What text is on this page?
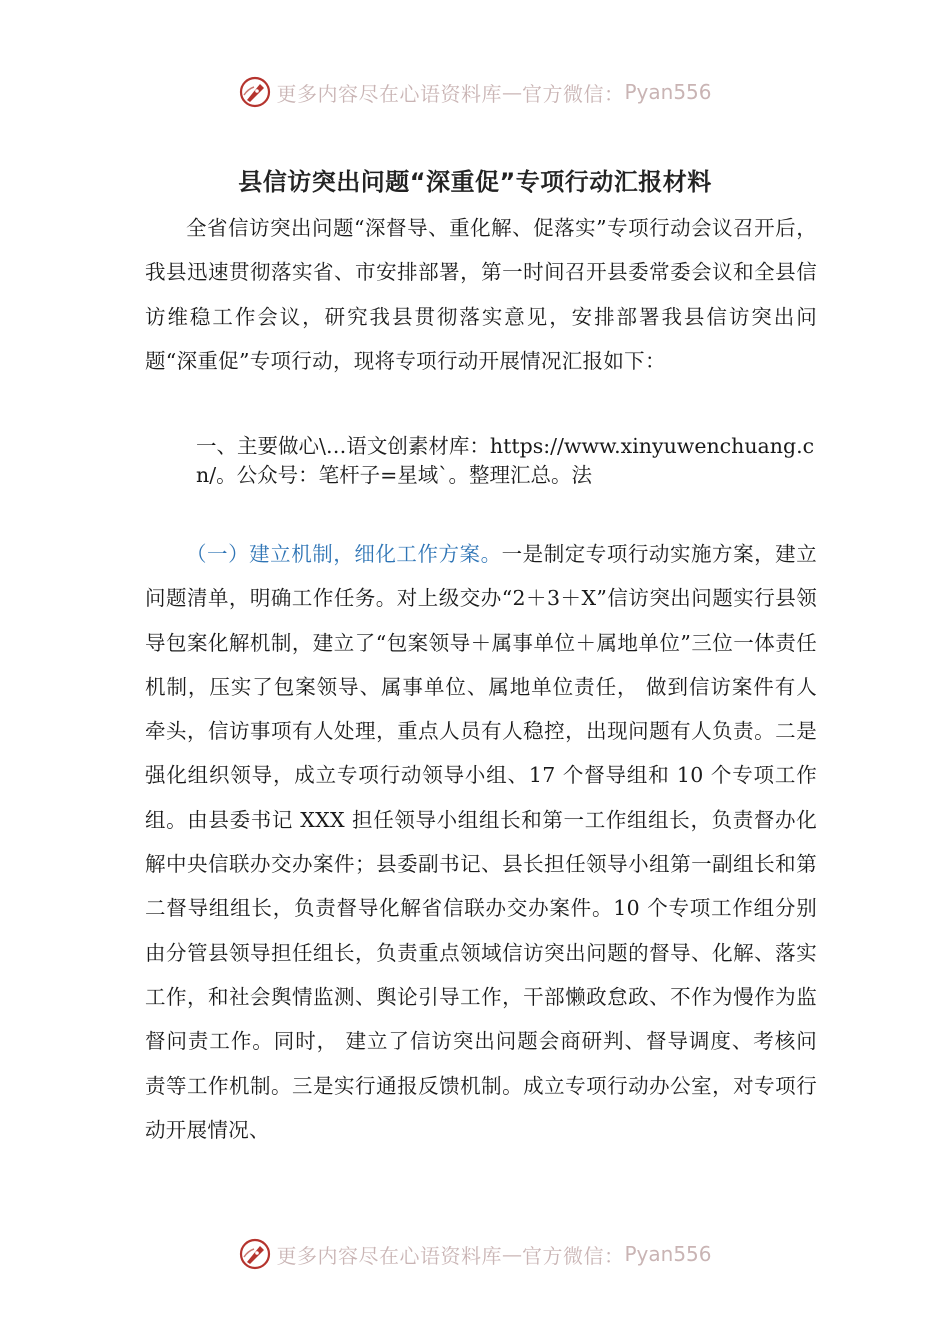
更多内容尽在心语资料库 — 官方微信： Pyan556
县信访突出问题“深重促”专项行动汇报材料

全省信访突出问题“深督导、重化解、促落实”专项行动会议召开后，我县迅速贯彻落实省、市安排部署，第一时间召开县委常委会议和全县信访维稳工作会议，研究我县贯彻落实意见，安排部署我县信访突出问题“深重促”专项行动，现将专项行动开展情况汇报如下：

一、主要做心\…语文创素材库：https://www.xinyuwenchuang.cn/。公众号：笔杆子=星域`。整理汇总。法

（一）建立机制，细化工作方案。一是制定专项行动实施方案，建立问题清单，明确工作任务。对上级交办“2＋3＋X”信访突出问题实行县领导包案化解机制，建立了“包案领导＋属事单位＋属地单位”三位一体责任机制，压实了包案领导、属事单位、属地单位责任， 做到信访案件有人牵头，信访事项有人处理，重点人员有人稳控，出现问题有人负责。二是强化组织领导，成立专项行动领导小组、17 个督导组和 10 个专项工作组。由县委书记 XXX 担任领导小组组长和第一工作组组长，负责督办化解中央信联办交办案件；县委副书记、县长担任领导小组第一副组长和第二督导组组长，负责督导化解省信联办交办案件。10 个专项工作组分别由分管县领导担任组长，负责重点领域信访突出问题的督导、化解、落实工作，和社会舆情监测、舆论引导工作，干部懒政怠政、不作为慢作为监督问责工作。同时， 建立了信访突出问题会商研判、督导调度、考核问责等工作机制。三是实行通报反馈机制。成立专项行动办公室，对专项行动开展情况、

更多内容尽在心语资料库 — 官方微信： Pyan556
